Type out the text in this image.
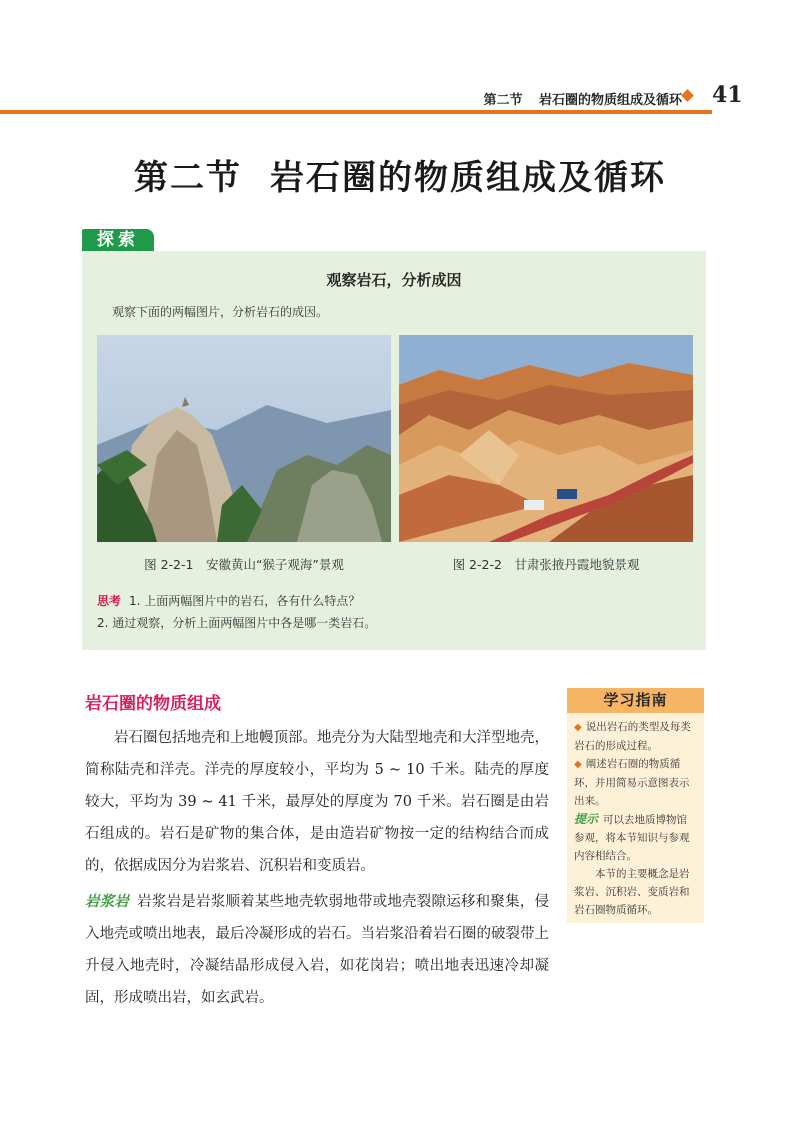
第二节 岩石圈的物质组成及循环 41
第二节 岩石圈的物质组成及循环
探索
观察岩石，分析成因
观察下面的两幅图片，分析岩石的成因。
图 2-2-1　安徽黄山“猴子观海”景观	图 2-2-2　甘肃张掖丹霞地貌景观
思考 1. 上面两幅图片中的岩石，各有什么特点？
2. 通过观察，分析上面两幅图片中各是哪一类岩石。
岩石圈的物质组成

岩石圈包括地壳和上地幔顶部。地壳分为大陆型地壳和大洋型地壳，简称陆壳和洋壳。洋壳的厚度较小，平均为 5 ~ 10 千米。陆壳的厚度较大，平均为 39 ~ 41 千米，最厚处的厚度为 70 千米。岩石圈是由岩石组成的。岩石是矿物的集合体，是由造岩矿物按一定的结构结合而成的，依据成因分为岩浆岩、沉积岩和变质岩。

岩浆岩 岩浆岩是岩浆顺着某些地壳软弱地带或地壳裂隙运移和聚集，侵入地壳或喷出地表，最后冷凝形成的岩石。当岩浆沿着岩石圈的破裂带上升侵入地壳时，冷凝结晶形成侵入岩，如花岗岩；喷出地表迅速冷却凝固，形成喷出岩，如玄武岩。

学习指南
◆ 说出岩石的类型及每类岩石的形成过程。
◆ 阐述岩石圈的物质循环，并用简易示意图表示出来。
提示 可以去地质博物馆参观，将本节知识与参观内容相结合。
本节的主要概念是岩浆岩、沉积岩、变质岩和岩石圈物质循环。
